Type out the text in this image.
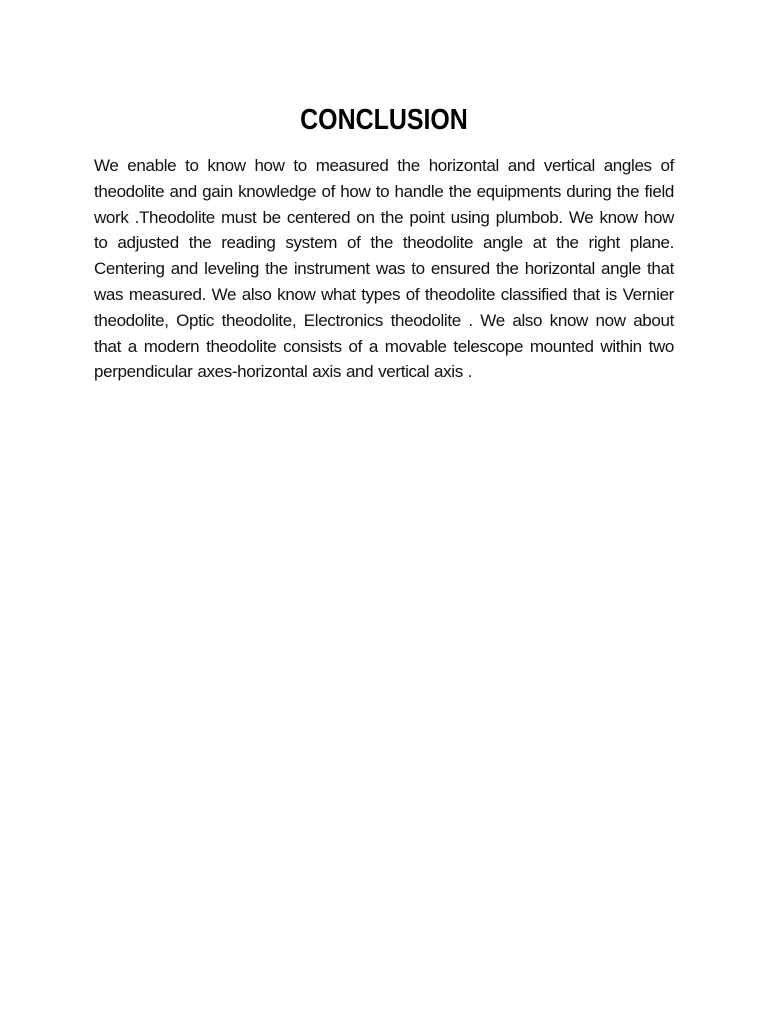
CONCLUSION

We enable to know how to measured the horizontal and vertical angles of theodolite and gain knowledge of how to handle the equipments during the field work .Theodolite must be centered on the point using plumbob. We know how to adjusted the reading system of the theodolite angle at the right plane. Centering and leveling the instrument was to ensured the horizontal angle that was measured. We also know what types of theodolite classified that is Vernier theodolite, Optic theodolite, Electronics theodolite . We also know now about that a modern theodolite consists of a movable telescope mounted within two perpendicular axes-horizontal axis and vertical axis .
